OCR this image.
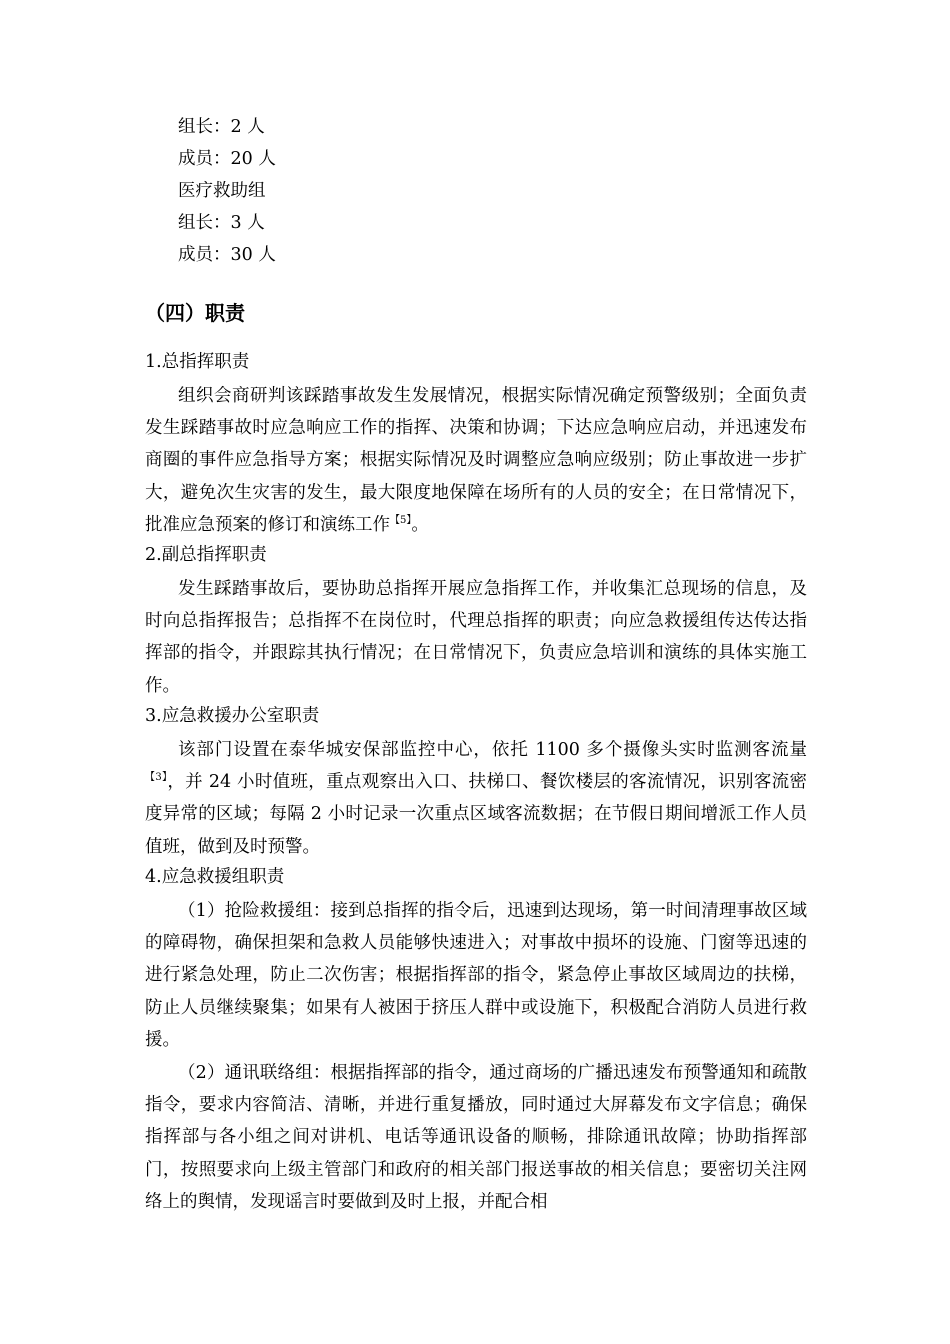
组长：2 人
成员：20 人
医疗救助组
组长：3 人
成员：30 人
（四）职责
1.总指挥职责
组织会商研判该踩踏事故发生发展情况，根据实际情况确定预警级别；全面负责发生踩踏事故时应急响应工作的指挥、决策和协调；下达应急响应启动，并迅速发布商圈的事件应急指导方案；根据实际情况及时调整应急响应级别；防止事故进一步扩大，避免次生灾害的发生，最大限度地保障在场所有的人员的安全；在日常情况下，批准应急预案的修订和演练工作$^{【5】}$。
2.副总指挥职责
发生踩踏事故后，要协助总指挥开展应急指挥工作，并收集汇总现场的信息，及时向总指挥报告；总指挥不在岗位时，代理总指挥的职责；向应急救援组传达传达指挥部的指令，并跟踪其执行情况；在日常情况下，负责应急培训和演练的具体实施工作。
3.应急救援办公室职责
该部门设置在泰华城安保部监控中心，依托 1100 多个摄像头实时监测客流量$^{【3】}$，并 24 小时值班，重点观察出入口、扶梯口、餐饮楼层的客流情况，识别客流密度异常的区域；每隔 2 小时记录一次重点区域客流数据；在节假日期间增派工作人员值班，做到及时预警。
4.应急救援组职责
（1）抢险救援组：接到总指挥的指令后，迅速到达现场，第一时间清理事故区域的障碍物，确保担架和急救人员能够快速进入；对事故中损坏的设施、门窗等迅速的进行紧急处理，防止二次伤害；根据指挥部的指令，紧急停止事故区域周边的扶梯，防止人员继续聚集；如果有人被困于挤压人群中或设施下，积极配合消防人员进行救援。
（2）通讯联络组：根据指挥部的指令，通过商场的广播迅速发布预警通知和疏散指令，要求内容简洁、清晰，并进行重复播放，同时通过大屏幕发布文字信息；确保指挥部与各小组之间对讲机、电话等通讯设备的顺畅，排除通讯故障；协助指挥部门，按照要求向上级主管部门和政府的相关部门报送事故的相关信息；要密切关注网络上的舆情，发现谣言时要做到及时上报，并配合相
